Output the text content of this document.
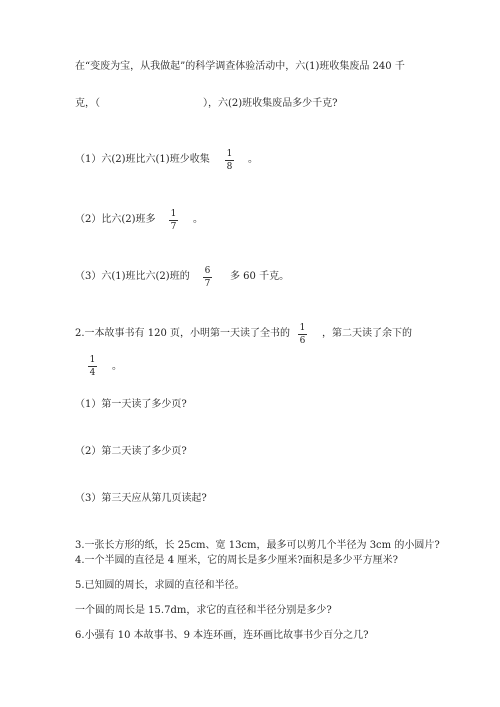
在“变废为宝，从我做起”的科学调查体验活动中，六(1)班收集废品 240 千
克，（	），六(2)班收集废品多少千克?
（1）六(2)班比六(1)班少收集 1
8
。
（2）比六(2)班多 1
7
。
（3）六(1)班比六(2)班的 6
7
多 60 千克。
2.一本故事书有 120 页，小明第一天读了全书的 1
6
，第二天读了余下的
1
4
。
（1）第一天读了多少页?
（2）第二天读了多少页?
（3）第三天应从第几页读起?
3.一张长方形的纸，长 25cm、宽 13cm，最多可以剪几个半径为 3cm 的小圆片?
4.一个半圆的直径是 4 厘米，它的周长是多少厘米?面积是多少平方厘米?
5.已知圆的周长，求圆的直径和半径。
一个圆的周长是 15.7dm，求它的直径和半径分别是多少?
6.小强有 10 本故事书、9 本连环画，连环画比故事书少百分之几?
